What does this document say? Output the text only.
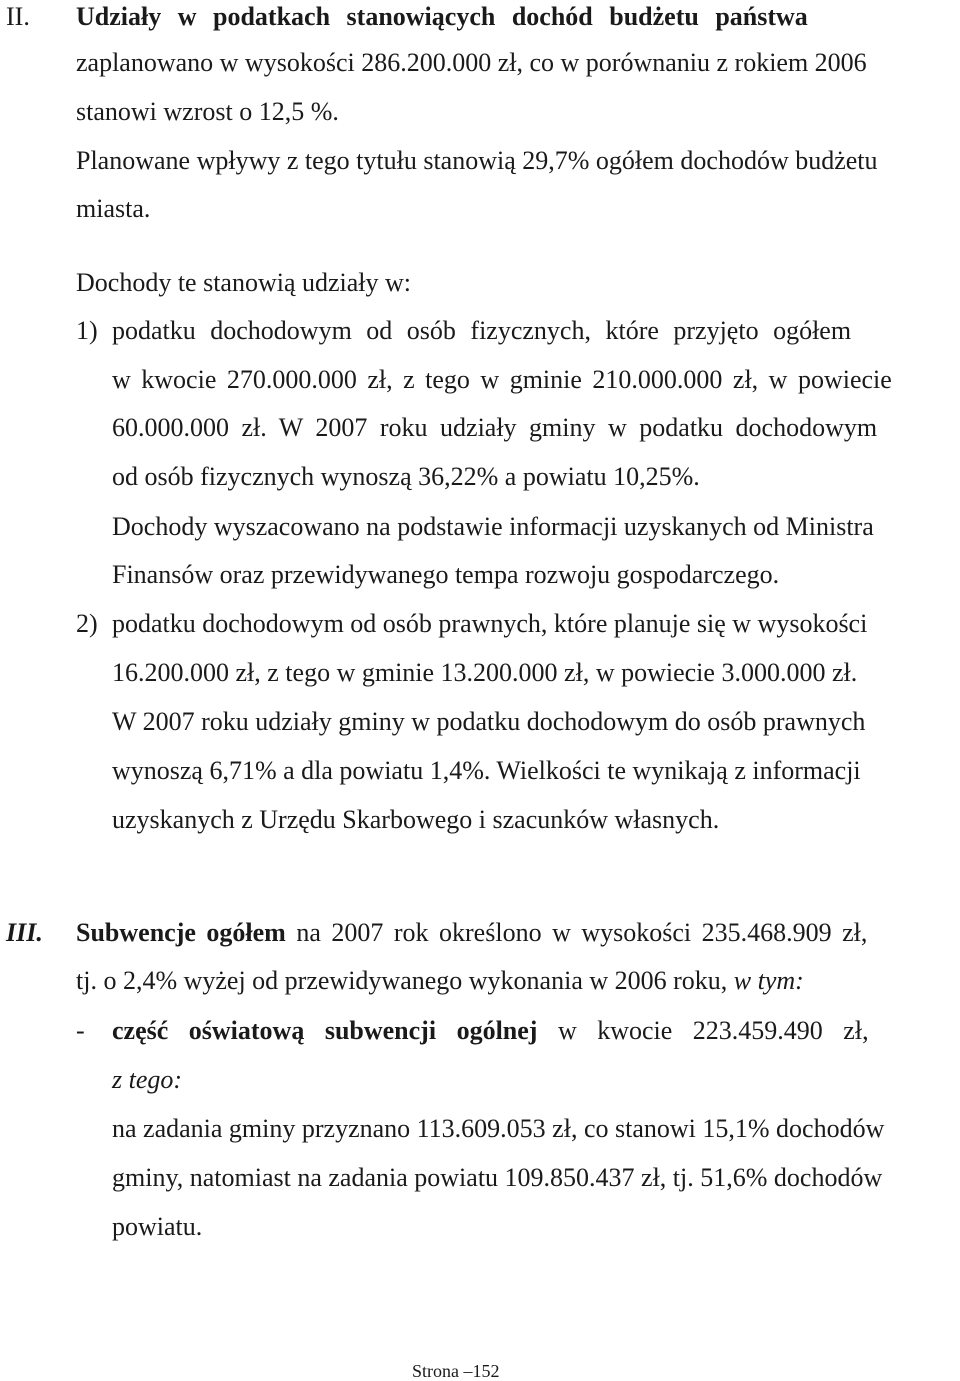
II. Udziały w podatkach stanowiących dochód budżetu państwa
zaplanowano w wysokości 286.200.000 zł, co w porównaniu z rokiem 2006
stanowi wzrost o 12,5 %.
Planowane wpływy z tego tytułu stanowią 29,7% ogółem dochodów budżetu
miasta.
Dochody te stanowią udziały w:
1) podatku dochodowym od osób fizycznych, które przyjęto ogółem
w kwocie 270.000.000 zł, z tego w gminie 210.000.000 zł, w powiecie
60.000.000 zł. W 2007 roku udziały gminy w podatku dochodowym
od osób fizycznych wynoszą 36,22% a powiatu 10,25%.
Dochody wyszacowano na podstawie informacji uzyskanych od Ministra
Finansów oraz przewidywanego tempa rozwoju gospodarczego.
2) podatku dochodowym od osób prawnych, które planuje się w wysokości
16.200.000 zł, z tego w gminie 13.200.000 zł, w powiecie 3.000.000 zł.
W 2007 roku udziały gminy w podatku dochodowym do osób prawnych
wynoszą 6,71% a dla powiatu 1,4%. Wielkości te wynikają z informacji
uzyskanych z Urzędu Skarbowego i szacunków własnych.
III. Subwencje ogółem na 2007 rok określono w wysokości 235.468.909 zł,
tj. o 2,4% wyżej od przewidywanego wykonania w 2006 roku, w tym:
- część oświatową subwencji ogólnej w kwocie 223.459.490 zł,
z tego:
na zadania gminy przyznano 113.609.053 zł, co stanowi 15,1% dochodów
gminy, natomiast na zadania powiatu 109.850.437 zł, tj. 51,6% dochodów
powiatu.
Strona –152
